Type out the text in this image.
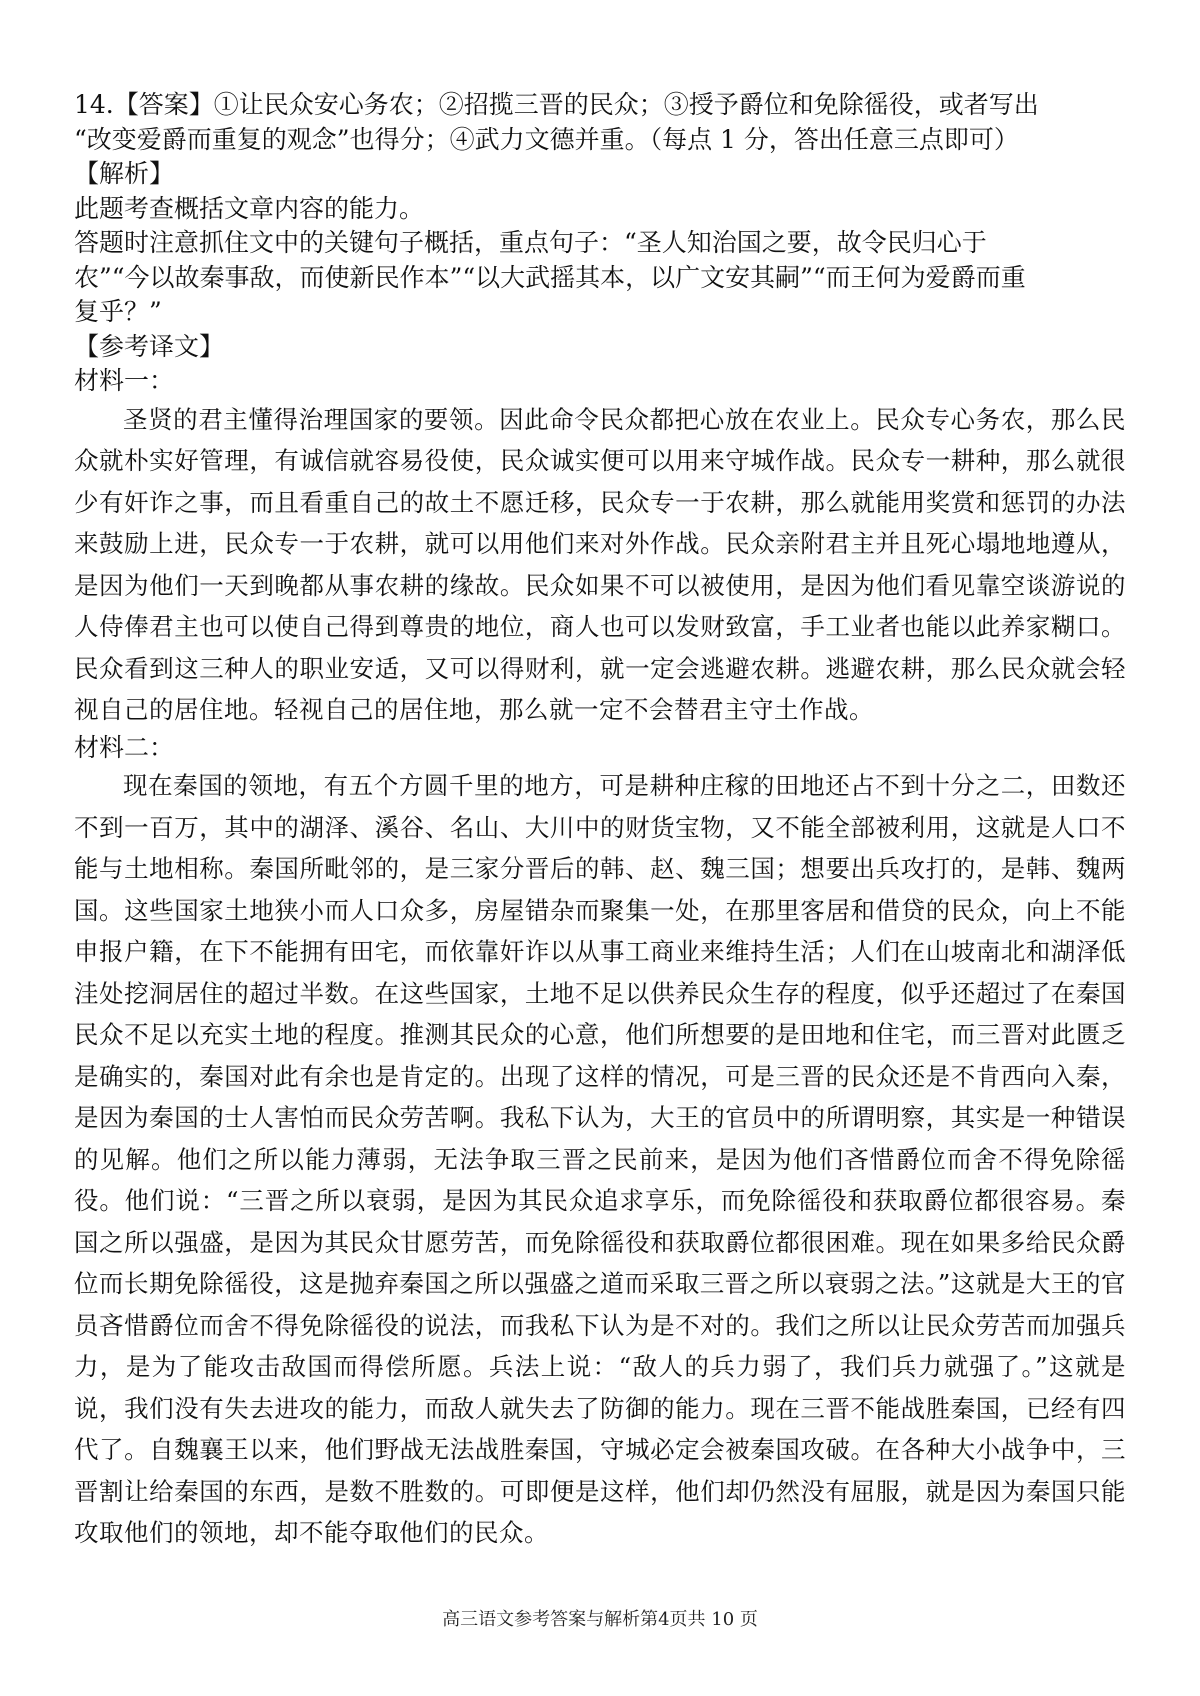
14.【答案】①让民众安心务农；②招揽三晋的民众；③授予爵位和免除徭役，或者写出

“改变爱爵而重复的观念”也得分；④武力文德并重。（每点 1 分，答出任意三点即可）

【解析】

此题考查概括文章内容的能力。

答题时注意抓住文中的关键句子概括，重点句子：“圣人知治国之要，故令民归心于

农”“今以故秦事敌，而使新民作本”“以大武摇其本，以广文安其嗣”“而王何为爱爵而重

复乎？”

【参考译文】

材料一：

圣贤的君主懂得治理国家的要领。因此命令民众都把心放在农业上。民众专心务农，那么民众就朴实好管理，有诚信就容易役使，民众诚实便可以用来守城作战。民众专一耕种，那么就很少有奸诈之事，而且看重自己的故土不愿迁移，民众专一于农耕，那么就能用奖赏和惩罚的办法来鼓励上进，民众专一于农耕，就可以用他们来对外作战。民众亲附君主并且死心塌地地遵从，是因为他们一天到晚都从事农耕的缘故。民众如果不可以被使用，是因为他们看见靠空谈游说的人侍俸君主也可以使自己得到尊贵的地位，商人也可以发财致富，手工业者也能以此养家糊口。民众看到这三种人的职业安适，又可以得财利，就一定会逃避农耕。逃避农耕，那么民众就会轻视自己的居住地。轻视自己的居住地，那么就一定不会替君主守土作战。

材料二：

现在秦国的领地，有五个方圆千里的地方，可是耕种庄稼的田地还占不到十分之二，田数还不到一百万，其中的湖泽、溪谷、名山、大川中的财货宝物，又不能全部被利用，这就是人口不能与土地相称。秦国所毗邻的，是三家分晋后的韩、赵、魏三国；想要出兵攻打的，是韩、魏两国。这些国家土地狭小而人口众多，房屋错杂而聚集一处，在那里客居和借贷的民众，向上不能申报户籍，在下不能拥有田宅，而依靠奸诈以从事工商业来维持生活；人们在山坡南北和湖泽低洼处挖洞居住的超过半数。在这些国家，土地不足以供养民众生存的程度，似乎还超过了在秦国民众不足以充实土地的程度。推测其民众的心意，他们所想要的是田地和住宅，而三晋对此匮乏是确实的，秦国对此有余也是肯定的。出现了这样的情况，可是三晋的民众还是不肯西向入秦，是因为秦国的士人害怕而民众劳苦啊。我私下认为，大王的官员中的所谓明察，其实是一种错误的见解。他们之所以能力薄弱，无法争取三晋之民前来，是因为他们吝惜爵位而舍不得免除徭役。他们说：“三晋之所以衰弱，是因为其民众追求享乐，而免除徭役和获取爵位都很容易。秦国之所以强盛，是因为其民众甘愿劳苦，而免除徭役和获取爵位都很困难。现在如果多给民众爵位而长期免除徭役，这是抛弃秦国之所以强盛之道而采取三晋之所以衰弱之法。”这就是大王的官员吝惜爵位而舍不得免除徭役的说法，而我私下认为是不对的。我们之所以让民众劳苦而加强兵力，是为了能攻击敌国而得偿所愿。兵法上说：“敌人的兵力弱了，我们兵力就强了。”这就是说，我们没有失去进攻的能力，而敌人就失去了防御的能力。现在三晋不能战胜秦国，已经有四代了。自魏襄王以来，他们野战无法战胜秦国，守城必定会被秦国攻破。在各种大小战争中，三晋割让给秦国的东西，是数不胜数的。可即便是这样，他们却仍然没有屈服，就是因为秦国只能攻取他们的领地，却不能夺取他们的民众。

高三语文参考答案与解析第4页共 10 页
